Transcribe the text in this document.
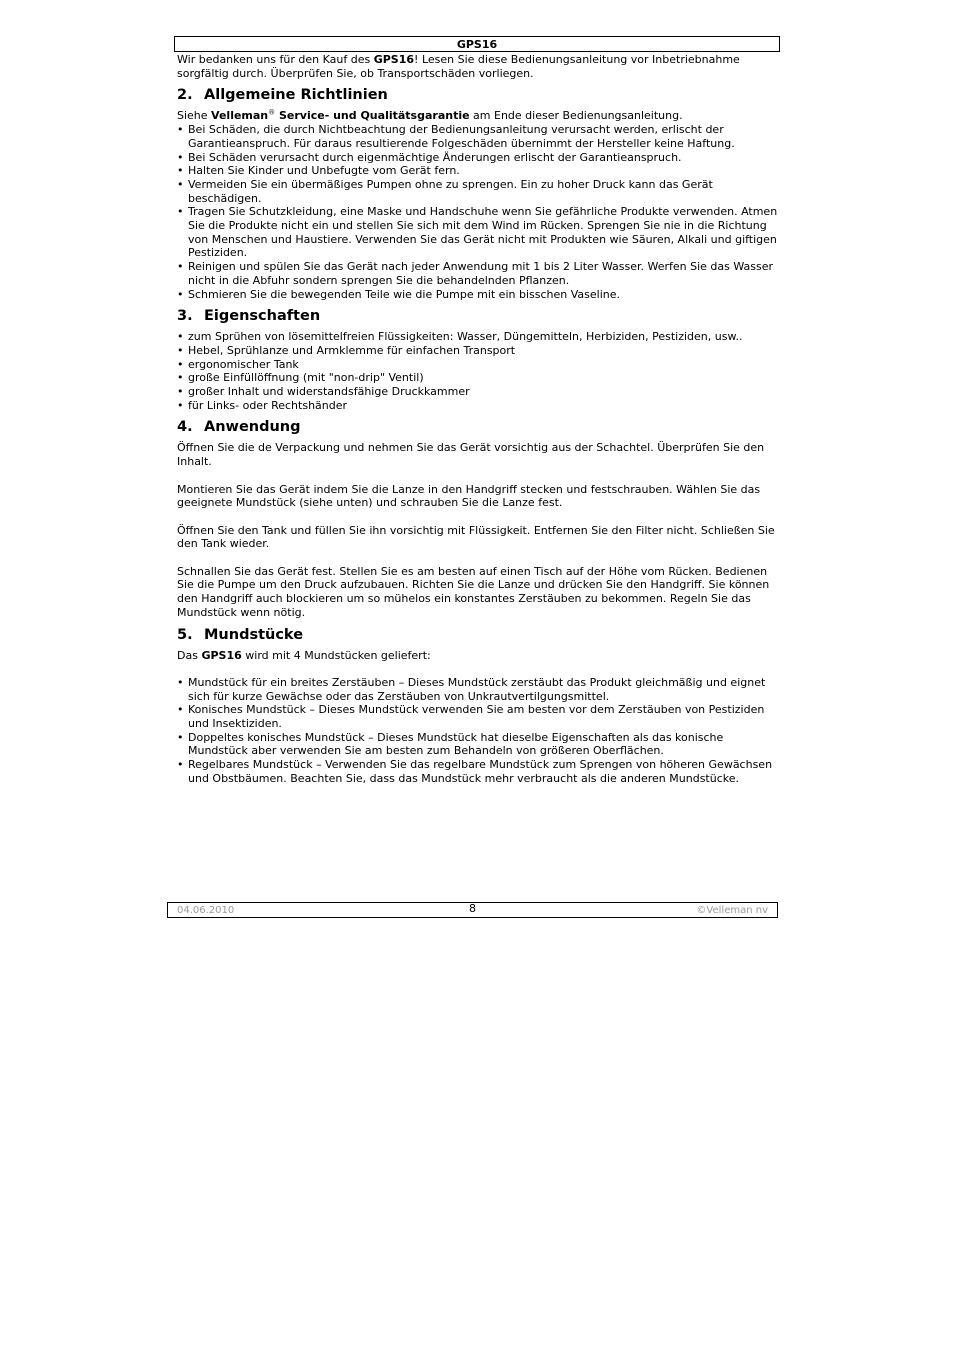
GPS16

Wir bedanken uns für den Kauf des GPS16! Lesen Sie diese Bedienungsanleitung vor Inbetriebnahme sorgfältig durch. Überprüfen Sie, ob Transportschäden vorliegen.

2. Allgemeine Richtlinien

Siehe Velleman® Service- und Qualitätsgarantie am Ende dieser Bedienungsanleitung.

• Bei Schäden, die durch Nichtbeachtung der Bedienungsanleitung verursacht werden, erlischt der Garantieanspruch. Für daraus resultierende Folgeschäden übernimmt der Hersteller keine Haftung.
• Bei Schäden verursacht durch eigenmächtige Änderungen erlischt der Garantieanspruch.
• Halten Sie Kinder und Unbefugte vom Gerät fern.
• Vermeiden Sie ein übermäßiges Pumpen ohne zu sprengen. Ein zu hoher Druck kann das Gerät beschädigen.
• Tragen Sie Schutzkleidung, eine Maske und Handschuhe wenn Sie gefährliche Produkte verwenden. Atmen Sie die Produkte nicht ein und stellen Sie sich mit dem Wind im Rücken. Sprengen Sie nie in die Richtung von Menschen und Haustiere. Verwenden Sie das Gerät nicht mit Produkten wie Säuren, Alkali und giftigen Pestiziden.
• Reinigen und spülen Sie das Gerät nach jeder Anwendung mit 1 bis 2 Liter Wasser. Werfen Sie das Wasser nicht in die Abfuhr sondern sprengen Sie die behandelnden Pflanzen.
• Schmieren Sie die bewegenden Teile wie die Pumpe mit ein bisschen Vaseline.
3. Eigenschaften
• zum Sprühen von lösemittelfreien Flüssigkeiten: Wasser, Düngemitteln, Herbiziden, Pestiziden, usw..
• Hebel, Sprühlanze und Armklemme für einfachen Transport
• ergonomischer Tank
• große Einfüllöffnung (mit "non-drip" Ventil)
• großer Inhalt und widerstandsfähige Druckkammer
• für Links- oder Rechtshänder
4. Anwendung

Öffnen Sie die de Verpackung und nehmen Sie das Gerät vorsichtig aus der Schachtel. Überprüfen Sie den Inhalt.

Montieren Sie das Gerät indem Sie die Lanze in den Handgriff stecken und festschrauben. Wählen Sie das geeignete Mundstück (siehe unten) und schrauben Sie die Lanze fest.

Öffnen Sie den Tank und füllen Sie ihn vorsichtig mit Flüssigkeit. Entfernen Sie den Filter nicht. Schließen Sie den Tank wieder.

Schnallen Sie das Gerät fest. Stellen Sie es am besten auf einen Tisch auf der Höhe vom Rücken. Bedienen Sie die Pumpe um den Druck aufzubauen. Richten Sie die Lanze und drücken Sie den Handgriff. Sie können den Handgriff auch blockieren um so mühelos ein konstantes Zerstäuben zu bekommen. Regeln Sie das Mundstück wenn nötig.

5. Mundstücke

Das GPS16 wird mit 4 Mundstücken geliefert:

• Mundstück für ein breites Zerstäuben – Dieses Mundstück zerstäubt das Produkt gleichmäßig und eignet sich für kurze Gewächse oder das Zerstäuben von Unkrautvertilgungsmittel.
• Konisches Mundstück – Dieses Mundstück verwenden Sie am besten vor dem Zerstäuben von Pestiziden und Insektiziden.
• Doppeltes konisches Mundstück – Dieses Mundstück hat dieselbe Eigenschaften als das konische Mundstück aber verwenden Sie am besten zum Behandeln von größeren Oberflächen.
• Regelbares Mundstück – Verwenden Sie das regelbare Mundstück zum Sprengen von höheren Gewächsen und Obstbäumen. Beachten Sie, dass das Mundstück mehr verbraucht als die anderen Mundstücke.
04.06.2010	8	©Velleman nv
